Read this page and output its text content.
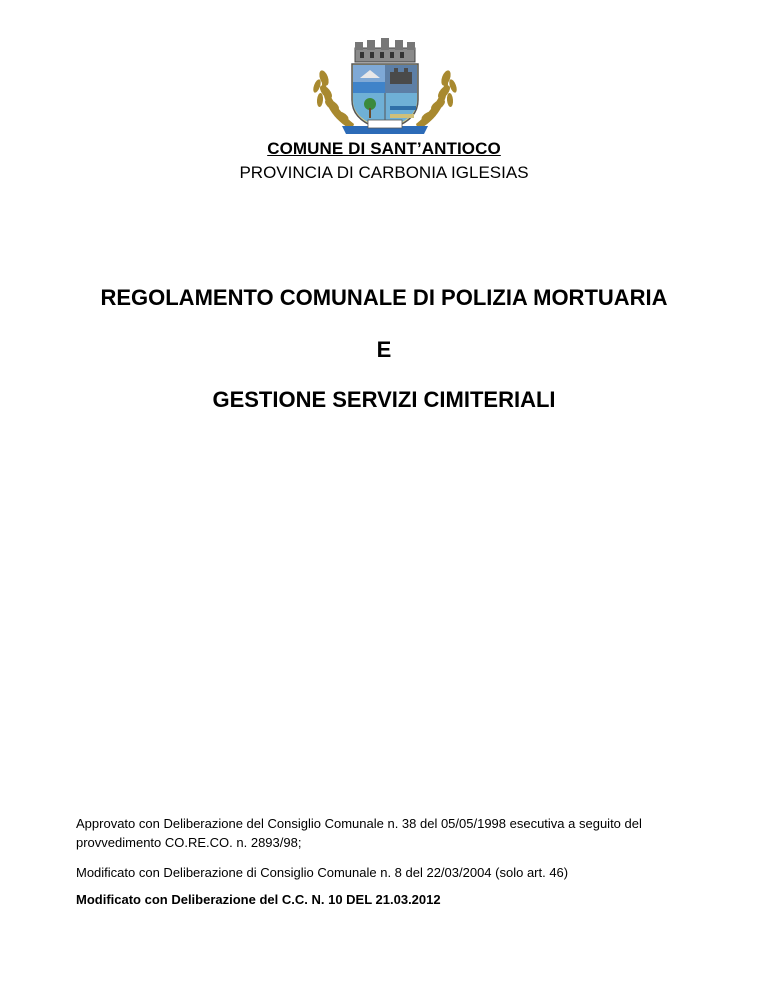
COMUNE DI SANT’ANTIOCO
PROVINCIA DI CARBONIA IGLESIAS
REGOLAMENTO COMUNALE DI POLIZIA MORTUARIA
E
GESTIONE SERVIZI CIMITERIALI
Approvato con Deliberazione del Consiglio Comunale n. 38 del 05/05/1998 esecutiva a seguito del provvedimento CO.RE.CO. n. 2893/98;
Modificato con Deliberazione di Consiglio Comunale n. 8 del 22/03/2004 (solo art. 46)
Modificato con Deliberazione del C.C. N. 10 DEL 21.03.2012
